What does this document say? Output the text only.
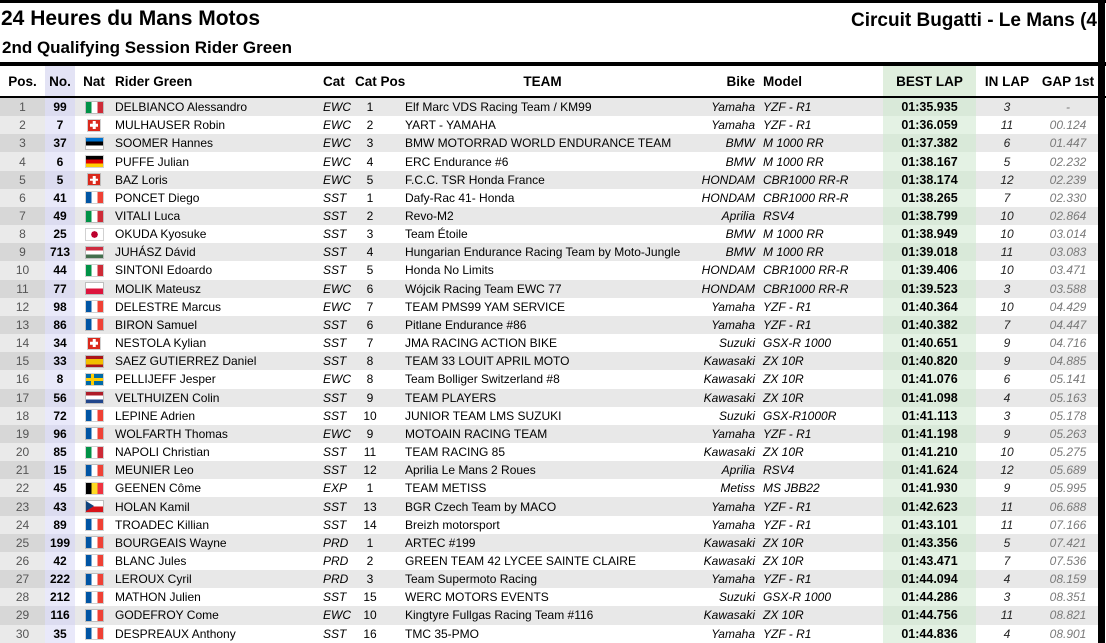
24 Heures du Mans Motos	Circuit Bugatti - Le Mans (4
2nd Qualifying Session Rider Green
Pos. No. Nat Rider Green	Cat Cat Pos	TEAM	Bike Model	BEST LAP	IN LAP GAP 1st
1	99	DELBIANCO Alessandro	EWC	1	Elf Marc VDS Racing Team / KM99	Yamaha YZF - R1	01:35.935	3	-
2	7	MULHAUSER Robin	EWC	2	YART - YAMAHA	Yamaha YZF - R1	01:36.059	11	00.124
3	37	SOOMER Hannes	EWC	3	BMW MOTORRAD WORLD ENDURANCE TEAM	BMW M 1000 RR	01:37.382	6	01.447
4	6	PUFFE Julian	EWC	4	ERC Endurance #6	BMW M 1000 RR	01:38.167	5	02.232
5	5	BAZ Loris	EWC	5	F.C.C. TSR Honda France	HONDAM CBR1000 RR-R	01:38.174	12	02.239
6	41	PONCET Diego	SST	1	Dafy-Rac 41- Honda	HONDAM CBR1000 RR-R	01:38.265	7	02.330
7	49	VITALI Luca	SST	2	Revo-M2	Aprilia RSV4	01:38.799	10	02.864
8	25	OKUDA Kyosuke	SST	3	Team Étoile	BMW M 1000 RR	01:38.949	10	03.014
9	713	JUHÁSZ Dávid	SST	4	Hungarian Endurance Racing Team by Moto-Jungle	BMW M 1000 RR	01:39.018	11	03.083
10	44	SINTONI Edoardo	SST	5	Honda No Limits	HONDAM CBR1000 RR-R	01:39.406	10	03.471
11	77	MOLIK Mateusz	EWC	6	Wójcik Racing Team EWC 77	HONDAM CBR1000 RR-R	01:39.523	3	03.588
12	98	DELESTRE Marcus	EWC	7	TEAM PMS99 YAM SERVICE	Yamaha YZF - R1	01:40.364	10	04.429
13	86	BIRON Samuel	SST	6	Pitlane Endurance #86	Yamaha YZF - R1	01:40.382	7	04.447
14	34	NESTOLA Kylian	SST	7	JMA RACING ACTION BIKE	Suzuki GSX-R 1000	01:40.651	9	04.716
15	33	SAEZ GUTIERREZ Daniel	SST	8	TEAM 33 LOUIT APRIL MOTO	Kawasaki ZX 10R	01:40.820	9	04.885
16	8	PELLIJEFF Jesper	EWC	8	Team Bolliger Switzerland #8	Kawasaki ZX 10R	01:41.076	6	05.141
17	56	VELTHUIZEN Colin	SST	9	TEAM PLAYERS	Kawasaki ZX 10R	01:41.098	4	05.163
18	72	LEPINE Adrien	SST	10	JUNIOR TEAM LMS SUZUKI	Suzuki GSX-R1000R	01:41.113	3	05.178
19	96	WOLFARTH Thomas	EWC	9	MOTOAIN RACING TEAM	Yamaha YZF - R1	01:41.198	9	05.263
20	85	NAPOLI Christian	SST	11	TEAM RACING 85	Kawasaki ZX 10R	01:41.210	10	05.275
21	15	MEUNIER Leo	SST	12	Aprilia Le Mans 2 Roues	Aprilia RSV4	01:41.624	12	05.689
22	45	GEENEN Côme	EXP	1	TEAM METISS	Metiss MS JBB22	01:41.930	9	05.995
23	43	HOLAN Kamil	SST	13	BGR Czech Team by MACO	Yamaha YZF - R1	01:42.623	11	06.688
24	89	TROADEC Killian	SST	14	Breizh motorsport	Yamaha YZF - R1	01:43.101	11	07.166
25	199	BOURGEAIS Wayne	PRD	1	ARTEC #199	Kawasaki ZX 10R	01:43.356	5	07.421
26	42	BLANC Jules	PRD	2	GREEN TEAM 42 LYCEE SAINTE CLAIRE	Kawasaki ZX 10R	01:43.471	7	07.536
27	222	LEROUX Cyril	PRD	3	Team Supermoto Racing	Yamaha YZF - R1	01:44.094	4	08.159
28	212	MATHON Julien	SST	15	WERC MOTORS EVENTS	Suzuki GSX-R 1000	01:44.286	3	08.351
29	116	GODEFROY Come	EWC	10	Kingtyre Fullgas Racing Team #116	Kawasaki ZX 10R	01:44.756	11	08.821
30	35	DESPREAUX Anthony	SST	16	TMC 35-PMO	Yamaha YZF - R1	01:44.836	4	08.901
